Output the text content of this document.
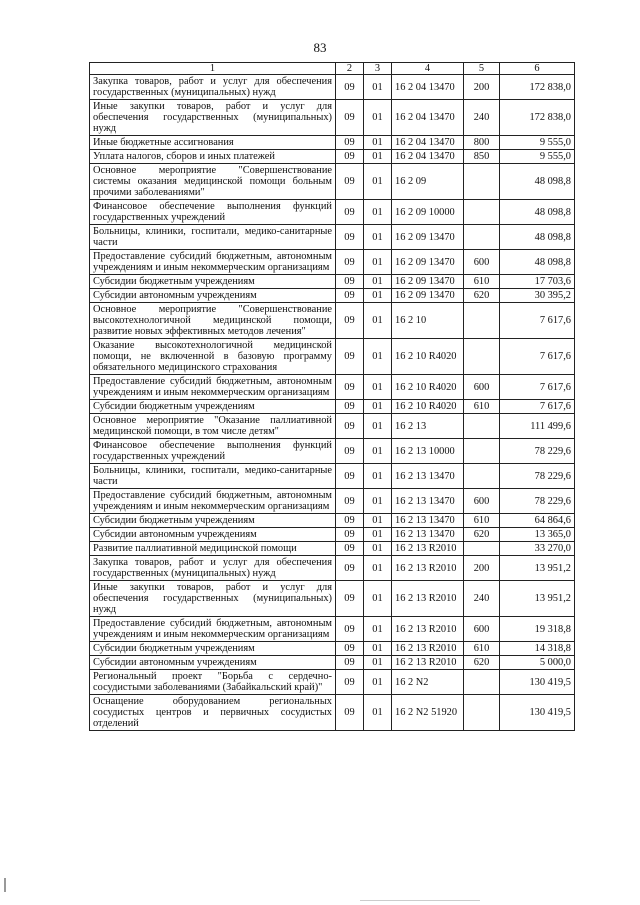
83
1	2	3	4	5	6
Закупка товаров, работ и услуг для обеспечения государственных (муниципальных) нужд	09	01	16 2 04 13470	200	172 838,0
Иные закупки товаров, работ и услуг для обеспечения государственных (муниципальных) нужд	09	01	16 2 04 13470	240	172 838,0
Иные бюджетные ассигнования	09	01	16 2 04 13470	800	9 555,0
Уплата налогов, сборов и иных платежей	09	01	16 2 04 13470	850	9 555,0
Основное мероприятие "Совершенствование системы оказания медицинской помощи больным прочими заболеваниями"	09	01	16 2 09		48 098,8
Финансовое обеспечение выполнения функций государственных учреждений	09	01	16 2 09 10000		48 098,8
Больницы, клиники, госпитали, медико-санитарные части	09	01	16 2 09 13470		48 098,8
Предоставление субсидий бюджетным, автономным учреждениям и иным некоммерческим организациям	09	01	16 2 09 13470	600	48 098,8
Субсидии бюджетным учреждениям	09	01	16 2 09 13470	610	17 703,6
Субсидии автономным учреждениям	09	01	16 2 09 13470	620	30 395,2
Основное мероприятие "Совершенствование высокотехнологичной медицинской помощи, развитие новых эффективных методов лечения"	09	01	16 2 10		7 617,6
Оказание высокотехнологичной медицинской помощи, не включенной в базовую программу обязательного медицинского страхования	09	01	16 2 10 R4020		7 617,6
Предоставление субсидий бюджетным, автономным учреждениям и иным некоммерческим организациям	09	01	16 2 10 R4020	600	7 617,6
Субсидии бюджетным учреждениям	09	01	16 2 10 R4020	610	7 617,6
Основное мероприятие "Оказание паллиативной медицинской помощи, в том числе детям"	09	01	16 2 13		111 499,6
Финансовое обеспечение выполнения функций государственных учреждений	09	01	16 2 13 10000		78 229,6
Больницы, клиники, госпитали, медико-санитарные части	09	01	16 2 13 13470		78 229,6
Предоставление субсидий бюджетным, автономным учреждениям и иным некоммерческим организациям	09	01	16 2 13 13470	600	78 229,6
Субсидии бюджетным учреждениям	09	01	16 2 13 13470	610	64 864,6
Субсидии автономным учреждениям	09	01	16 2 13 13470	620	13 365,0
Развитие паллиативной медицинской помощи	09	01	16 2 13 R2010		33 270,0
Закупка товаров, работ и услуг для обеспечения государственных (муниципальных) нужд	09	01	16 2 13 R2010	200	13 951,2
Иные закупки товаров, работ и услуг для обеспечения государственных (муниципальных) нужд	09	01	16 2 13 R2010	240	13 951,2
Предоставление субсидий бюджетным, автономным учреждениям и иным некоммерческим организациям	09	01	16 2 13 R2010	600	19 318,8
Субсидии бюджетным учреждениям	09	01	16 2 13 R2010	610	14 318,8
Субсидии автономным учреждениям	09	01	16 2 13 R2010	620	5 000,0
Региональный проект "Борьба с сердечно-сосудистыми заболеваниями (Забайкальский край)"	09	01	16 2 N2		130 419,5
Оснащение оборудованием региональных сосудистых центров и первичных сосудистых отделений	09	01	16 2 N2 51920		130 419,5
